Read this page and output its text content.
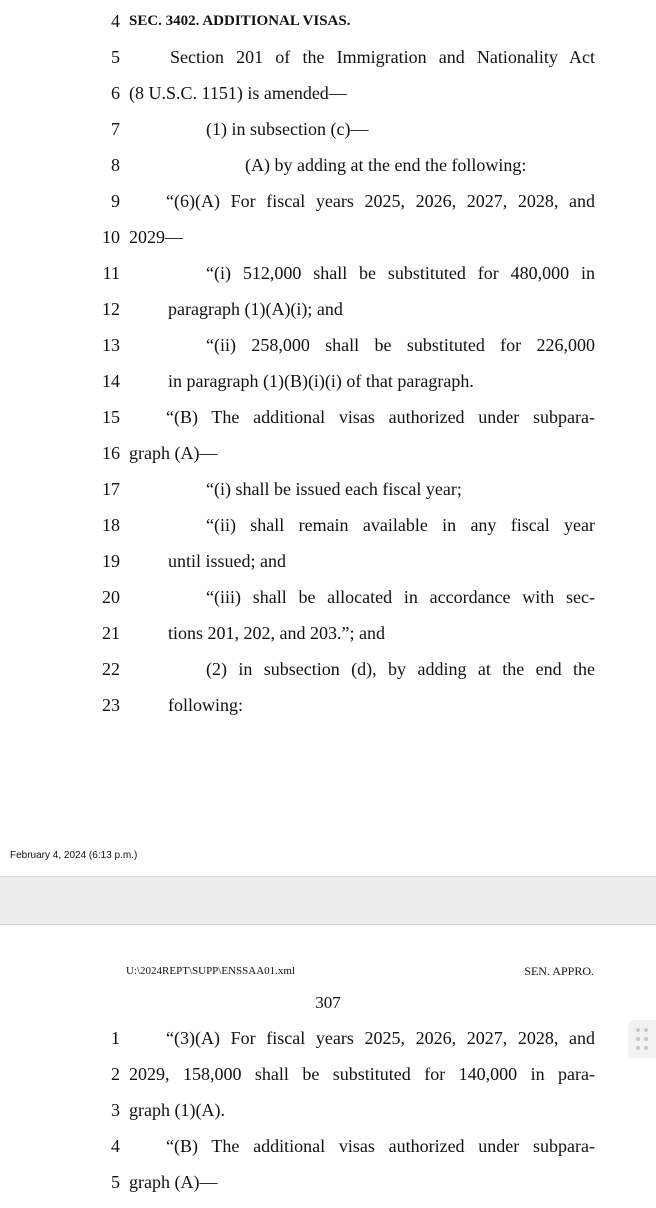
4 SEC. 3402. ADDITIONAL VISAS.
5	Section 201 of the Immigration and Nationality Act
6 (8 U.S.C. 1151) is amended—
7	(1) in subsection (c)—
8	(A) by adding at the end the following:
9	“(6)(A) For fiscal years 2025, 2026, 2027, 2028, and
10 2029—
11	“(i) 512,000 shall be substituted for 480,000 in
12	paragraph (1)(A)(i); and
13	“(ii) 258,000 shall be substituted for 226,000
14	in paragraph (1)(B)(i)(i) of that paragraph.
15	“(B) The additional visas authorized under subpara-
16 graph (A)—
17	“(i) shall be issued each fiscal year;
18	“(ii) shall remain available in any fiscal year
19	until issued; and
20	“(iii) shall be allocated in accordance with sec-
21	tions 201, 202, and 203.”; and
22	(2) in subsection (d), by adding at the end the
23	following:
February 4, 2024 (6:13 p.m.)
U:\2024REPT\SUPP\ENSSAA01.xml	SEN. APPRO.
307
1	“(3)(A) For fiscal years 2025, 2026, 2027, 2028, and
2 2029, 158,000 shall be substituted for 140,000 in para-
3 graph (1)(A).
4	“(B) The additional visas authorized under subpara-
5 graph (A)—
